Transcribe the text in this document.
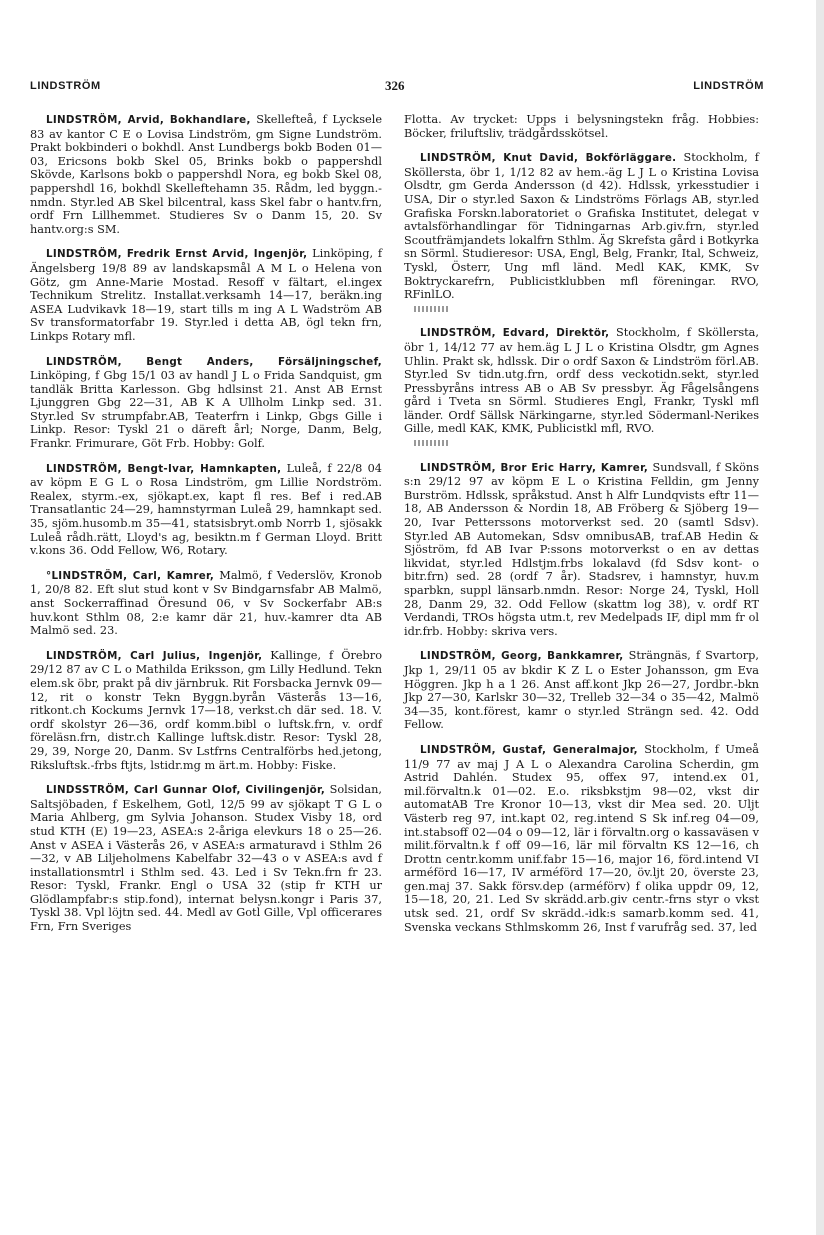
LINDSTRÖM	326	LINDSTRÖM

LINDSTRÖM, Arvid, Bokhandlare, Skellefteå, f Lycksele 83 av kantor C E o Lovisa Lindström, gm Signe Lundström. Prakt bokbinderi o bokhdl. Anst Lundbergs bokb Boden 01—03, Ericsons bokb Skel 05, Brinks bokb o pappershdl Skövde, Karlsons bokb o pappershdl Nora, eg bokb Skel 08, pappershdl 16, bokhdl Skelleftehamn 35. Rådm, led byggn.-nmdn. Styr.led AB Skel bilcentral, kass Skel fabr o hantv.frn, ordf Frn Lillhemmet. Studieres Sv o Danm 15, 20. Sv hantv.org:s SM.

LINDSTRÖM, Fredrik Ernst Arvid, Ingenjör, Linköping, f Ängelsberg 19/8 89 av landskapsmål A M L o Helena von Götz, gm Anne-Marie Mostad. Resoff v fältart, el.ingex Technikum Strelitz. Installat.verksamh 14—17, beräkn.ing ASEA Ludvikavk 18—19, start tills m ing A L Wadström AB Sv transformatorfabr 19. Styr.led i detta AB, ögl tekn frn, Linkps Rotary mfl.

LINDSTRÖM, Bengt Anders, Försäljningschef, Linköping, f Gbg 15/1 03 av handl J L o Frida Sandquist, gm tandläk Britta Karlesson. Gbg hdlsinst 21. Anst AB Ernst Ljunggren Gbg 22—31, AB K A Ullholm Linkp sed. 31. Styr.led Sv strumpfabr.AB, Teaterfrn i Linkp, Gbgs Gille i Linkp. Resor: Tyskl 21 o däreft årl; Norge, Danm, Belg, Frankr. Frimurare, Göt Frb. Hobby: Golf.

LINDSTRÖM, Bengt-Ivar, Hamnkapten, Luleå, f 22/8 04 av köpm E G L o Rosa Lindström, gm Lillie Nordström. Realex, styrm.-ex, sjökapt.ex, kapt fl res. Bef i red.AB Transatlantic 24—29, hamnstyrman Luleå 29, hamnkapt sed. 35, sjöm.husomb.m 35—41, statsisbryt.omb Norrb 1, sjösakk Luleå rådh.rätt, Lloyd's ag, besiktn.m f German Lloyd. Britt v.kons 36. Odd Fellow, W6, Rotary.

°LINDSTRÖM, Carl, Kamrer, Malmö, f Vederslöv, Kronob 1, 20/8 82. Eft slut stud kont v Sv Bindgarnsfabr AB Malmö, anst Sockerraffinad Öresund 06, v Sv Sockerfabr AB:s huv.kont Sthlm 08, 2:e kamr där 21, huv.-kamrer dta AB Malmö sed. 23.

LINDSTRÖM, Carl Julius, Ingenjör, Kallinge, f Örebro 29/12 87 av C L o Mathilda Eriksson, gm Lilly Hedlund. Tekn elem.sk öbr, prakt på div järnbruk. Rit Forsbacka Jernvk 09—12, rit o konstr Tekn Byggn.byrån Västerås 13—16, ritkont.ch Kockums Jernvk 17—18, verkst.ch där sed. 18. V. ordf skolstyr 26—36, ordf komm.bibl o luftsk.frn, v. ordf föreläsn.frn, distr.ch Kallinge luftsk.distr. Resor: Tyskl 28, 29, 39, Norge 20, Danm. Sv Lstfrns Centralförbs hed.jetong, Riksluftsk.-frbs ftjts, lstidr.mg m ärt.m. Hobby: Fiske.

LINDSSTRÖM, Carl Gunnar Olof, Civilingenjör, Solsidan, Saltsjöbaden, f Eskelhem, Gotl, 12/5 99 av sjökapt T G L o Maria Ahlberg, gm Sylvia Johanson. Studex Visby 18, ord stud KTH (E) 19—23, ASEA:s 2-åriga elevkurs 18 o 25—26. Anst v ASEA i Västerås 26, v ASEA:s armaturavd i Sthlm 26—32, v AB Liljeholmens Kabelfabr 32—43 o v ASEA:s avd f installationsmtrl i Sthlm sed. 43. Led i Sv Tekn.frn fr 23. Resor: Tyskl, Frankr. Engl o USA 32 (stip fr KTH ur Glödlampfabr:s stip.fond), internat belysn.kongr i Paris 37, Tyskl 38. Vpl löjtn sed. 44. Medl av Gotl Gille, Vpl officerares Frn, Frn Sveriges

Flotta. Av trycket: Upps i belysningstekn fråg. Hobbies: Böcker, friluftsliv, trädgårdsskötsel.

LINDSTRÖM, Knut David, Bokförläggare. Stockholm, f Sköllersta, öbr 1, 1/12 82 av hem.-äg L J L o Kristina Lovisa Olsdtr, gm Gerda Andersson (d 42). Hdlssk, yrkesstudier i USA, Dir o styr.led Saxon & Lindströms Förlags AB, styr.led Grafiska Forskn.laboratoriet o Grafiska Institutet, delegat v avtalsförhandlingar för Tidningarnas Arb.giv.frn, styr.led Scoutfrämjandets lokalfrn Sthlm. Äg Skrefsta gård i Botkyrka sn Sörml. Studieresor: USA, Engl, Belg, Frankr, Ital, Schweiz, Tyskl, Österr, Ung mfl länd. Medl KAK, KMK, Sv Boktryckarefrn, Publicistklubben mfl föreningar. RVO, RFinlLO.

LINDSTRÖM, Edvard, Direktör, Stockholm, f Sköllersta, öbr 1, 14/12 77 av hem.äg L J L o Kristina Olsdtr, gm Agnes Uhlin. Prakt sk, hdlssk. Dir o ordf Saxon & Lindström förl.AB. Styr.led Sv tidn.utg.frn, ordf dess veckotidn.sekt, styr.led Pressbyråns intress AB o AB Sv pressbyr. Äg Fågelsångens gård i Tveta sn Sörml. Studieres Engl, Frankr, Tyskl mfl länder. Ordf Sällsk Närkingarne, styr.led Södermanl-Nerikes Gille, medl KAK, KMK, Publicistkl mfl, RVO.

LINDSTRÖM, Bror Eric Harry, Kamrer, Sundsvall, f Sköns s:n 29/12 97 av köpm E L o Kristina Felldin, gm Jenny Burström. Hdlssk, språkstud. Anst h Alfr Lundqvists eftr 11—18, AB Andersson & Nordin 18, AB Fröberg & Sjöberg 19—20, Ivar Petterssons motorverkst sed. 20 (samtl Sdsv). Styr.led AB Automekan, Sdsv omnibusAB, traf.AB Hedin & Sjöström, fd AB Ivar P:ssons motorverkst o en av dettas likvidat, styr.led Hdlstjm.frbs lokalavd (fd Sdsv kont- o bitr.frn) sed. 28 (ordf 7 år). Stadsrev, i hamnstyr, huv.m sparbkn, suppl länsarb.nmdn. Resor: Norge 24, Tyskl, Holl 28, Danm 29, 32. Odd Fellow (skattm log 38), v. ordf RT Verdandi, TROs högsta utm.t, rev Medelpads IF, dipl mm fr ol idr.frb. Hobby: skriva vers.

LINDSTRÖM, Georg, Bankkamrer, Strängnäs, f Svartorp, Jkp 1, 29/11 05 av bkdir K Z L o Ester Johansson, gm Eva Höggren. Jkp h a 1 26. Anst aff.kont Jkp 26—27, Jordbr.-bkn Jkp 27—30, Karlskr 30—32, Trelleb 32—34 o 35—42, Malmö 34—35, kont.förest, kamr o styr.led Strängn sed. 42. Odd Fellow.

LINDSTRÖM, Gustaf, Generalmajor, Stockholm, f Umeå 11/9 77 av maj J A L o Alexandra Carolina Scherdin, gm Astrid Dahlén. Studex 95, offex 97, intend.ex 01, mil.förvaltn.k 01—02. E.o. riksbkstjm 98—02, vkst dir automatAB Tre Kronor 10—13, vkst dir Mea sed. 20. Uljt Västerb reg 97, int.kapt 02, reg.intend S Sk inf.reg 04—09, int.stabsoff 02—04 o 09—12, lär i förvaltn.org o kassaväsen v milit.förvaltn.k f off 09—16, lär mil förvaltn KS 12—16, ch Drottn centr.komm unif.fabr 15—16, major 16, förd.intend VI arméförd 16—17, IV arméförd 17—20, öv.ljt 20, överste 23, gen.maj 37. Sakk försv.dep (arméförv) f olika uppdr 09, 12, 15—18, 20, 21. Led Sv skrädd.arb.giv centr.-frns styr o vkst utsk sed. 21, ordf Sv skrädd.-idk:s samarb.komm sed. 41, Svenska veckans Sthlmskomm 26, Inst f varufråg sed. 37, led
